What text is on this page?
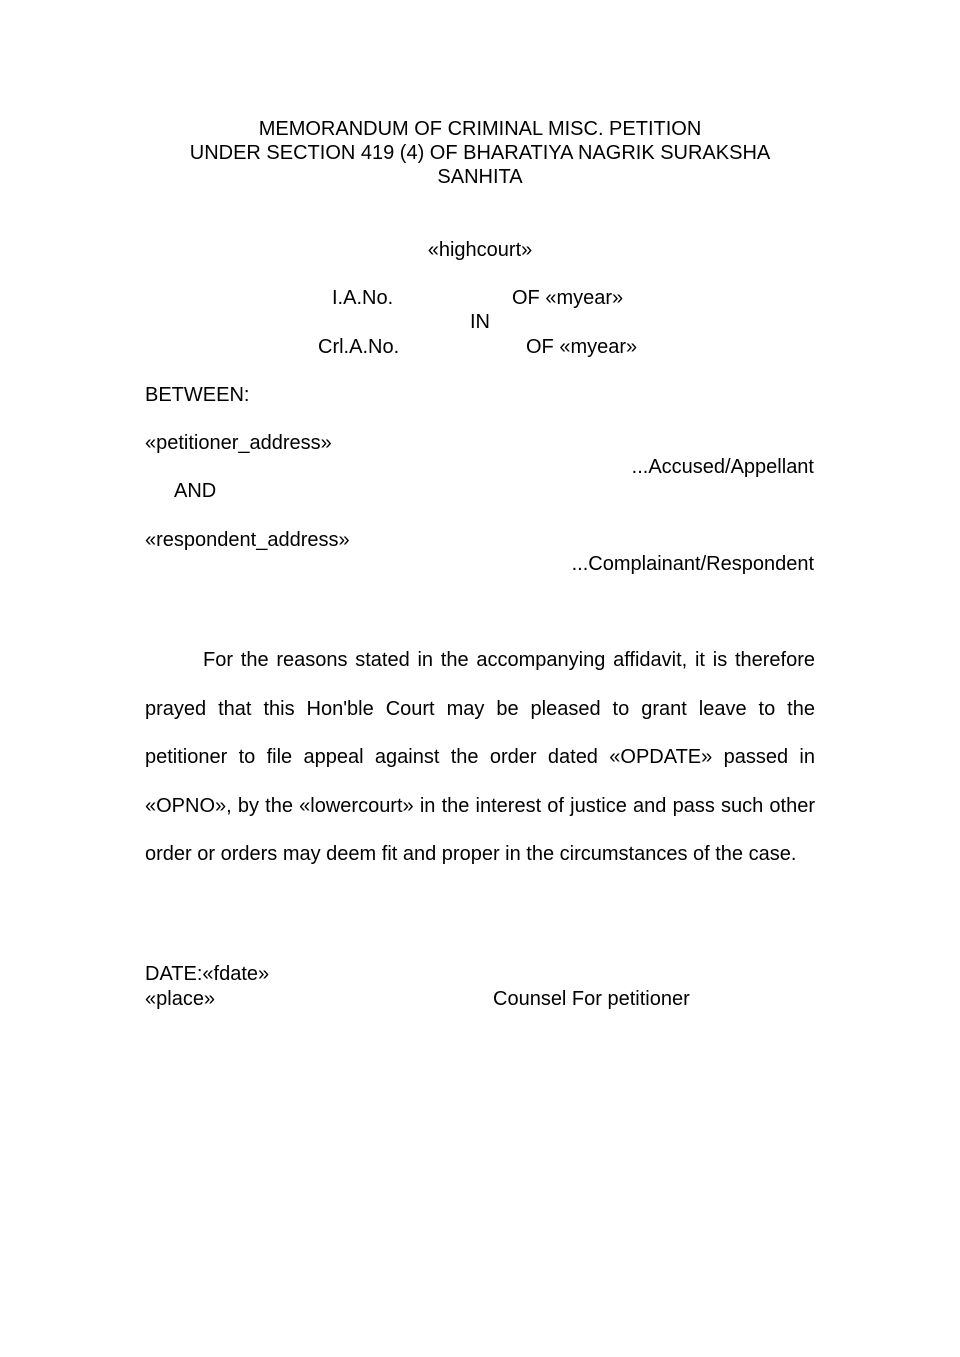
MEMORANDUM OF CRIMINAL MISC. PETITION
UNDER SECTION 419 (4) OF BHARATIYA NAGRIK SURAKSHA
SANHITA
«highcourt»
I.A.No.	OF «myear»
IN
Crl.A.No.	OF «myear»
BETWEEN:
«petitioner_address»
...Accused/Appellant
AND
«respondent_address»
...Complainant/Respondent

For the reasons stated in the accompanying affidavit, it is therefore prayed that this Hon'ble Court may be pleased to grant leave to the petitioner to file appeal against the order dated «OPDATE» passed in «OPNO», by the «lowercourt» in the interest of justice and pass such other order or orders may deem fit and proper in the circumstances of the case.

DATE:«fdate»
«place»	Counsel For petitioner
